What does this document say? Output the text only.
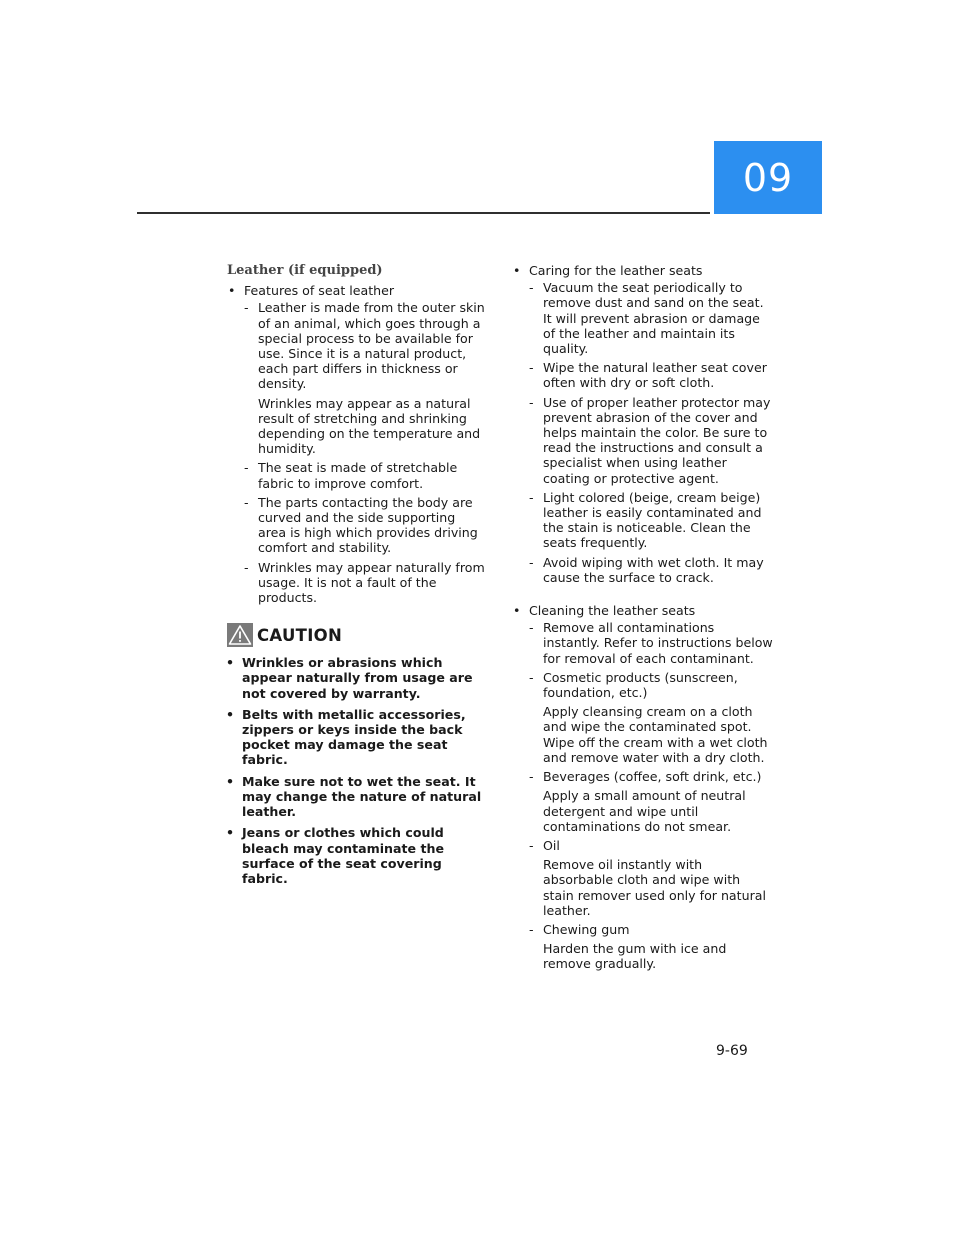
09
Leather (if equipped)
• Features of seat leather
- Leather is made from the outer skin of an animal, which goes through a special process to be available for use. Since it is a natural product, each part differs in thickness or density.
Wrinkles may appear as a natural result of stretching and shrinking depending on the temperature and humidity.
- The seat is made of stretchable fabric to improve comfort.
- The parts contacting the body are curved and the side supporting area is high which provides driving comfort and stability.
- Wrinkles may appear naturally from usage. It is not a fault of the products.
CAUTION
• Wrinkles or abrasions which appear naturally from usage are not covered by warranty.
• Belts with metallic accessories, zippers or keys inside the back pocket may damage the seat fabric.
• Make sure not to wet the seat. It may change the nature of natural leather.
• Jeans or clothes which could bleach may contaminate the surface of the seat covering fabric.
• Caring for the leather seats
- Vacuum the seat periodically to remove dust and sand on the seat. It will prevent abrasion or damage of the leather and maintain its quality.
- Wipe the natural leather seat cover often with dry or soft cloth.
- Use of proper leather protector may prevent abrasion of the cover and helps maintain the color. Be sure to read the instructions and consult a specialist when using leather coating or protective agent.
- Light colored (beige, cream beige) leather is easily contaminated and the stain is noticeable. Clean the seats frequently.
- Avoid wiping with wet cloth. It may cause the surface to crack.
• Cleaning the leather seats
- Remove all contaminations instantly. Refer to instructions below for removal of each contaminant.
- Cosmetic products (sunscreen, foundation, etc.)
Apply cleansing cream on a cloth and wipe the contaminated spot. Wipe off the cream with a wet cloth and remove water with a dry cloth.
- Beverages (coffee, soft drink, etc.)
Apply a small amount of neutral detergent and wipe until contaminations do not smear.
- Oil
Remove oil instantly with absorbable cloth and wipe with stain remover used only for natural leather.
- Chewing gum
Harden the gum with ice and remove gradually.
9-69
